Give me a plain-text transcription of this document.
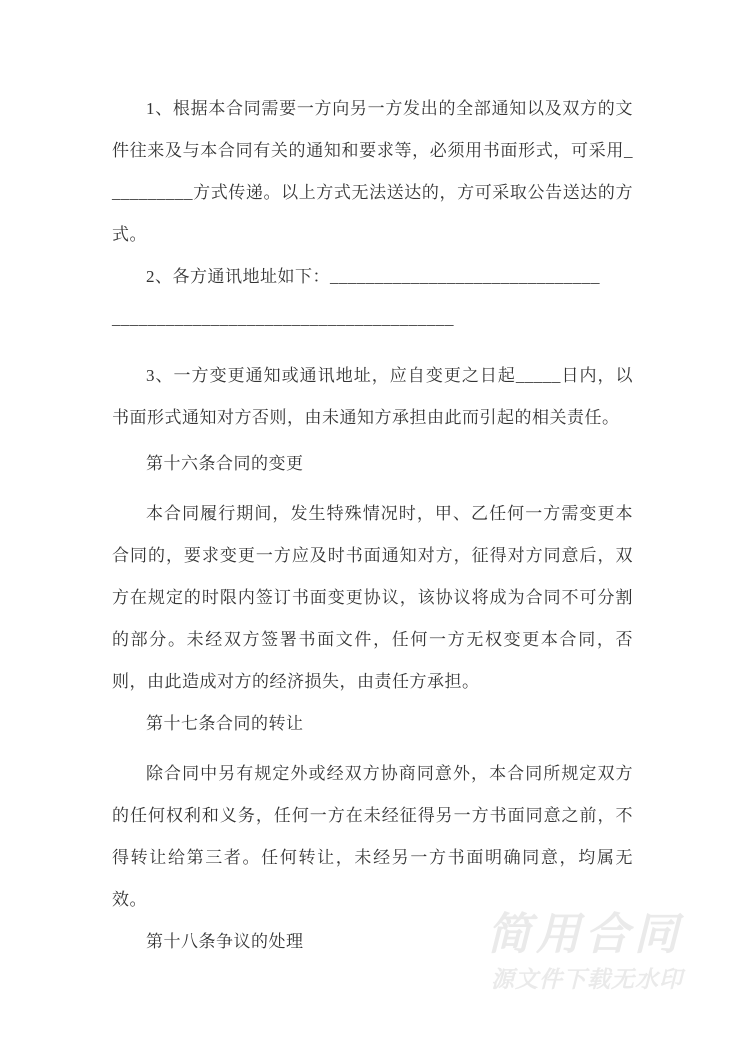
1、根据本合同需要一方向另一方发出的全部通知以及双方的文件往来及与本合同有关的通知和要求等，必须用书面形式，可采用__________方式传递。以上方式无法送达的，方可采取公告送达的方式。

2、各方通讯地址如下：______________________________

______________________________________

3、一方变更通知或通讯地址，应自变更之日起_____日内，以书面形式通知对方否则，由未通知方承担由此而引起的相关责任。

第十六条合同的变更

本合同履行期间，发生特殊情况时，甲、乙任何一方需变更本合同的，要求变更一方应及时书面通知对方，征得对方同意后，双方在规定的时限内签订书面变更协议，该协议将成为合同不可分割的部分。未经双方签署书面文件，任何一方无权变更本合同，否则，由此造成对方的经济损失，由责任方承担。

第十七条合同的转让

除合同中另有规定外或经双方协商同意外，本合同所规定双方的任何权利和义务，任何一方在未经征得另一方书面同意之前，不得转让给第三者。任何转让，未经另一方书面明确同意，均属无效。

第十八条争议的处理	简用合同
源文件下载无水印
